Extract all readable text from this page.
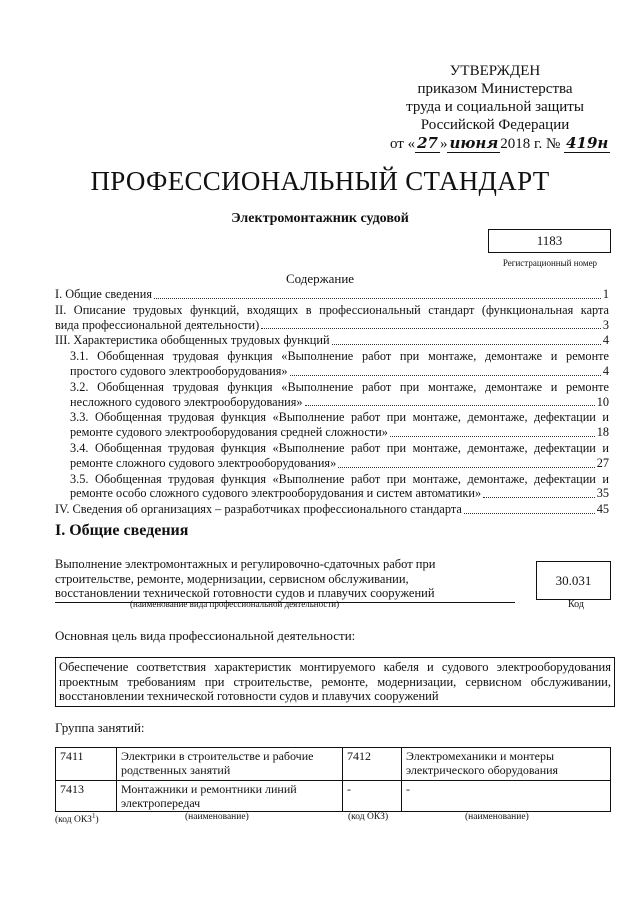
УТВЕРЖДЕН
приказом Министерства
труда и социальной защиты
Российской Федерации
от « 27 » июня 2018 г. № 419н
ПРОФЕССИОНАЛЬНЫЙ СТАНДАРТ
Электромонтажник судовой
1183
Регистрационный номер
Содержание
I. Общие сведения	1
II. Описание трудовых функций, входящих в профессиональный стандарт (функциональная карта
вида профессиональной деятельности)	3
III. Характеристика обобщенных трудовых функций	4
3.1. Обобщенная трудовая функция «Выполнение работ при монтаже, демонтаже и ремонте
простого судового электрооборудования»	4
3.2. Обобщенная трудовая функция «Выполнение работ при монтаже, демонтаже и ремонте
несложного судового электрооборудования»	10
3.3. Обобщенная трудовая функция «Выполнение работ при монтаже, демонтаже, дефектации и
ремонте судового электрооборудования средней сложности»	18
3.4. Обобщенная трудовая функция «Выполнение работ при монтаже, демонтаже, дефектации и
ремонте сложного судового электрооборудования»	27
3.5. Обобщенная трудовая функция «Выполнение работ при монтаже, демонтаже, дефектации и
ремонте особо сложного судового электрооборудования и систем автоматики»	35
IV. Сведения об организациях – разработчиках профессионального стандарта	45
I. Общие сведения
Выполнение электромонтажных и регулировочно-сдаточных работ при
строительстве, ремонте, модернизации, сервисном обслуживании,
восстановлении технической готовности судов и плавучих сооружений
(наименование вида профессиональной деятельности)
30.031
Код
Основная цель вида профессиональной деятельности:
Обеспечение соответствия характеристик монтируемого кабеля и судового электрооборудования
проектным требованиям при строительстве, ремонте, модернизации, сервисном обслуживании,
восстановлении технической готовности судов и плавучих сооружений
Группа занятий:
7411	Электрики в строительстве и рабочие родственных занятий	7412	Электромеханики и монтеры электрического оборудования
7413	Монтажники и ремонтники линий электропередач	-	-
(код ОКЗ$^1$)	(наименование)	(код ОКЗ)	(наименование)
